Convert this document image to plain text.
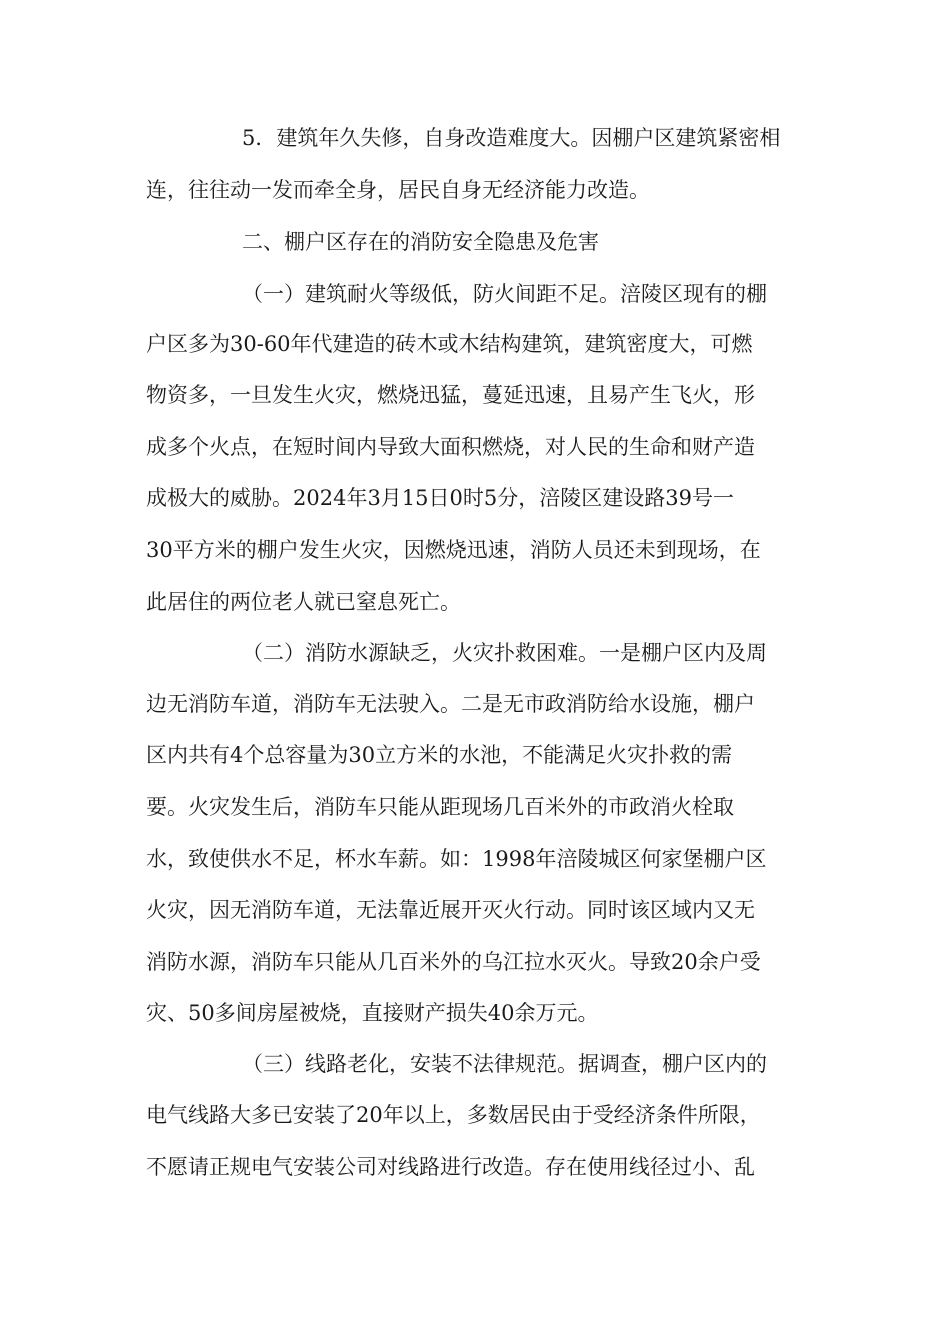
5．建筑年久失修，自身改造难度大。因棚户区建筑紧密相
连，往往动一发而牵全身，居民自身无经济能力改造。
二、棚户区存在的消防安全隐患及危害
（一）建筑耐火等级低，防火间距不足。涪陵区现有的棚
户区多为30-60年代建造的砖木或木结构建筑，建筑密度大，可燃
物资多，一旦发生火灾，燃烧迅猛，蔓延迅速，且易产生飞火，形
成多个火点，在短时间内导致大面积燃烧，对人民的生命和财产造
成极大的威胁。2024年3月15日0时5分，涪陵区建设路39号一
30平方米的棚户发生火灾，因燃烧迅速，消防人员还未到现场，在
此居住的两位老人就已窒息死亡。
（二）消防水源缺乏，火灾扑救困难。一是棚户区内及周
边无消防车道，消防车无法驶入。二是无市政消防给水设施，棚户
区内共有4个总容量为30立方米的水池，不能满足火灾扑救的需
要。火灾发生后，消防车只能从距现场几百米外的市政消火栓取
水，致使供水不足，杯水车薪。如：1998年涪陵城区何家堡棚户区
火灾，因无消防车道，无法靠近展开灭火行动。同时该区域内又无
消防水源，消防车只能从几百米外的乌江拉水灭火。导致20余户受
灾、50多间房屋被烧，直接财产损失40余万元。
（三）线路老化，安装不法律规范。据调查，棚户区内的
电气线路大多已安装了20年以上，多数居民由于受经济条件所限，
不愿请正规电气安装公司对线路进行改造。存在使用线径过小、乱
